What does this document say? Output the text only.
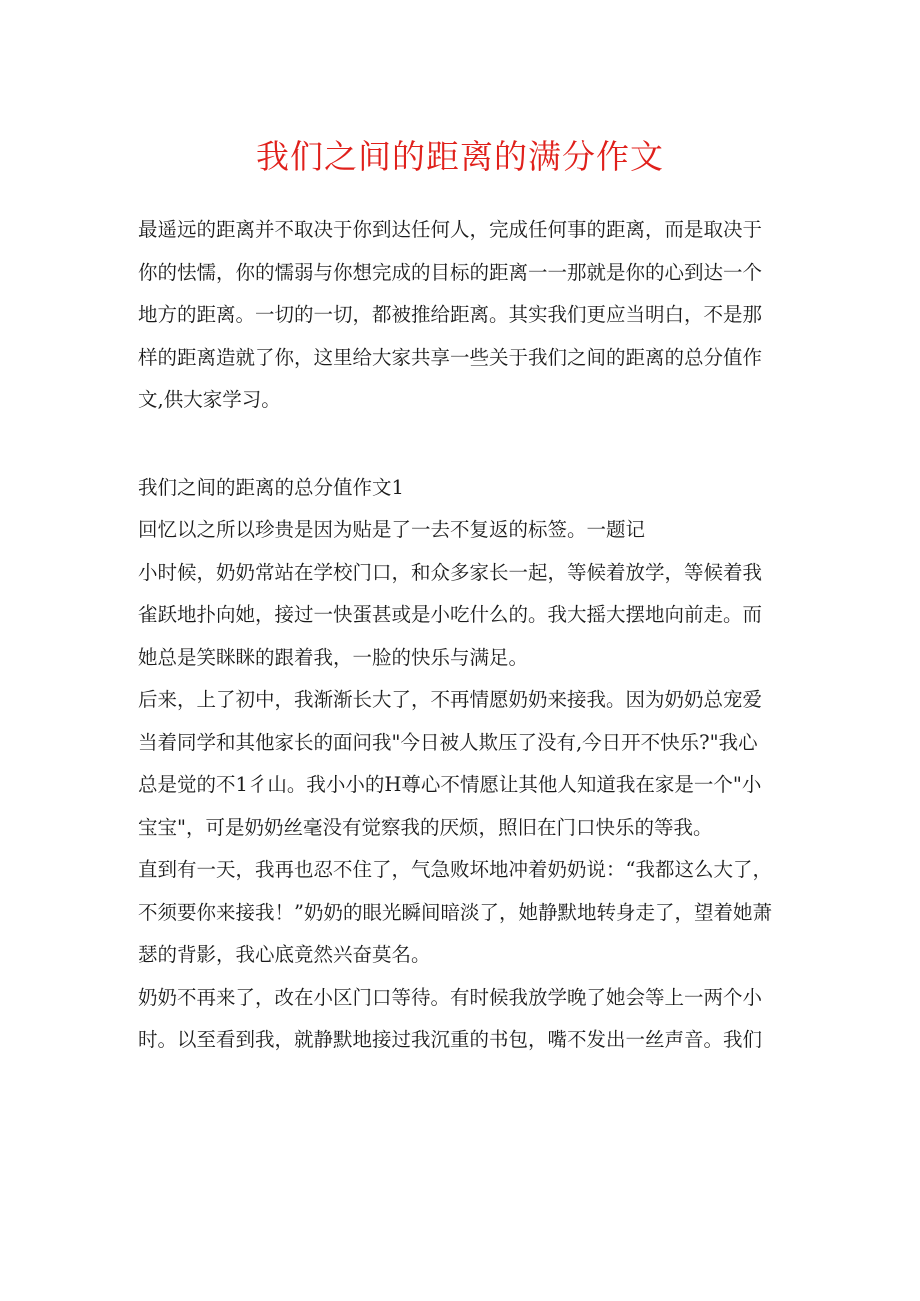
我们之间的距离的满分作文

最遥远的距离并不取决于你到达任何人，完成任何事的距离，而是取决于
你的怯懦，你的懦弱与你想完成的目标的距离一一那就是你的心到达一个
地方的距离。一切的一切，都被推给距离。其实我们更应当明白，不是那
样的距离造就了你，这里给大家共享一些关于我们之间的距离的总分值作
文,供大家学习。

我们之间的距离的总分值作文1
回忆以之所以珍贵是因为贴是了一去不复返的标签。一题记
小时候，奶奶常站在学校门口，和众多家长一起，等候着放学，等候着我
雀跃地扑向她，接过一快蛋甚或是小吃什么的。我大摇大摆地向前走。而
她总是笑眯眯的跟着我，一脸的快乐与满足。
后来，上了初中，我渐渐长大了，不再情愿奶奶来接我。因为奶奶总宠爱
当着同学和其他家长的面问我"今日被人欺压了没有,今日开不快乐?"我心
总是觉的不1彳山。我小小的H尊心不情愿让其他人知道我在家是一个"小
宝宝"，可是奶奶丝毫没有觉察我的厌烦，照旧在门口快乐的等我。
直到有一天，我再也忍不住了，气急败坏地冲着奶奶说：“我都这么大了，
不须要你来接我！”奶奶的眼光瞬间暗淡了，她静默地转身走了，望着她萧
瑟的背影，我心底竟然兴奋莫名。
奶奶不再来了，改在小区门口等待。有时候我放学晚了她会等上一两个小
时。以至看到我，就静默地接过我沉重的书包，嘴不发出一丝声音。我们
